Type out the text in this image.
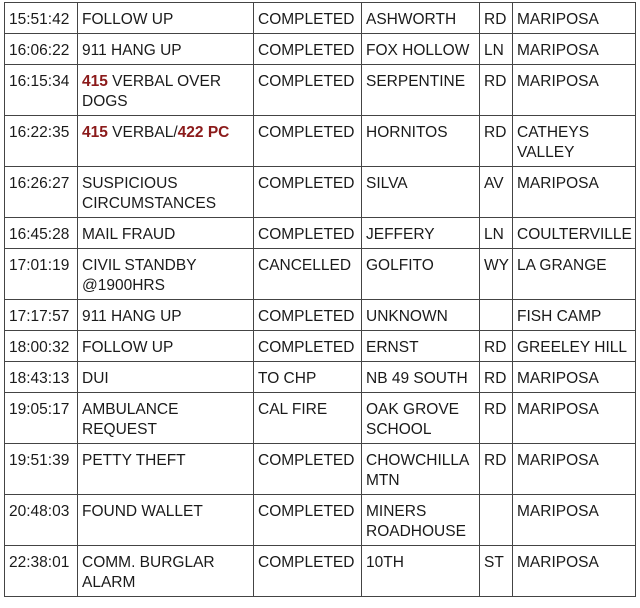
15:51:42	FOLLOW UP	COMPLETED	ASHWORTH	RD	MARIPOSA
16:06:22	911 HANG UP	COMPLETED	FOX HOLLOW	LN	MARIPOSA
16:15:34	415 VERBAL OVER DOGS	COMPLETED	SERPENTINE	RD	MARIPOSA
16:22:35	415 VERBAL/422 PC	COMPLETED	HORNITOS	RD	CATHEYS VALLEY
16:26:27	SUSPICIOUS CIRCUMSTANCES	COMPLETED	SILVA	AV	MARIPOSA
16:45:28	MAIL FRAUD	COMPLETED	JEFFERY	LN	COULTERVILLE
17:01:19	CIVIL STANDBY @1900HRS	CANCELLED	GOLFITO	WY	LA GRANGE
17:17:57	911 HANG UP	COMPLETED	UNKNOWN		FISH CAMP
18:00:32	FOLLOW UP	COMPLETED	ERNST	RD	GREELEY HILL
18:43:13	DUI	TO CHP	NB 49 SOUTH	RD	MARIPOSA
19:05:17	AMBULANCE REQUEST	CAL FIRE	OAK GROVE SCHOOL	RD	MARIPOSA
19:51:39	PETTY THEFT	COMPLETED	CHOWCHILLA MTN	RD	MARIPOSA
20:48:03	FOUND WALLET	COMPLETED	MINERS ROADHOUSE		MARIPOSA
22:38:01	COMM. BURGLAR ALARM	COMPLETED	10TH	ST	MARIPOSA
